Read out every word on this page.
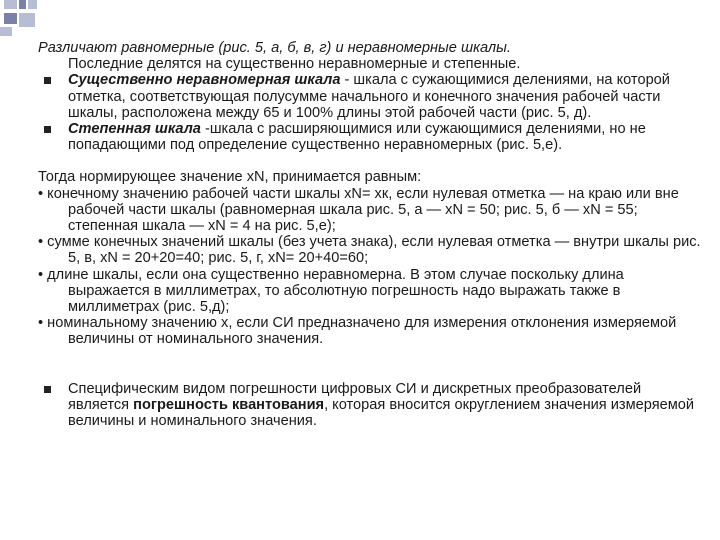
Различают равномерные (рис. 5, а, б, в, г) и неравномерные шкалы.
Последние делятся на существенно неравномерные и степенные.

Существенно неравномерная шкала - шкала с сужающимися делениями, на которой отметка, соответствующая полусумме начального и конечного значения рабочей части шкалы, расположена между 65 и 100% длины этой рабочей части (рис. 5, д).
Степенная шкала -шкала с расширяющимися или сужающимися делениями, но не попадающими под определение существенно неравномерных (рис. 5,е).

Тогда нормирующее значение xN, принимается равным:

• конечному значению рабочей части шкалы xN= xк, если нулевая отметка — на краю или вне рабочей части шкалы (равномерная шкала рис. 5, а — xN = 50; рис. 5, б — xN = 55; степенная шкала — xN = 4 на рис. 5,е);

• сумме конечных значений шкалы (без учета знака), если нулевая отметка — внутри шкалы рис. 5, в, xN = 20+20=40; рис. 5, г, xN= 20+40=60;

• длине шкалы, если она существенно неравномерна. В этом случае поскольку длина выражается в миллиметрах, то абсолютную погрешность надо выражать также в миллиметрах (рис. 5,д);

• номинальному значению x, если СИ предназначено для измерения отклонения измеряемой величины от номинального значения.

Специфическим видом погрешности цифровых СИ и дискретных преобразователей является погрешность квантования, которая вносится округлением значения измеряемой величины и номинального значения.
